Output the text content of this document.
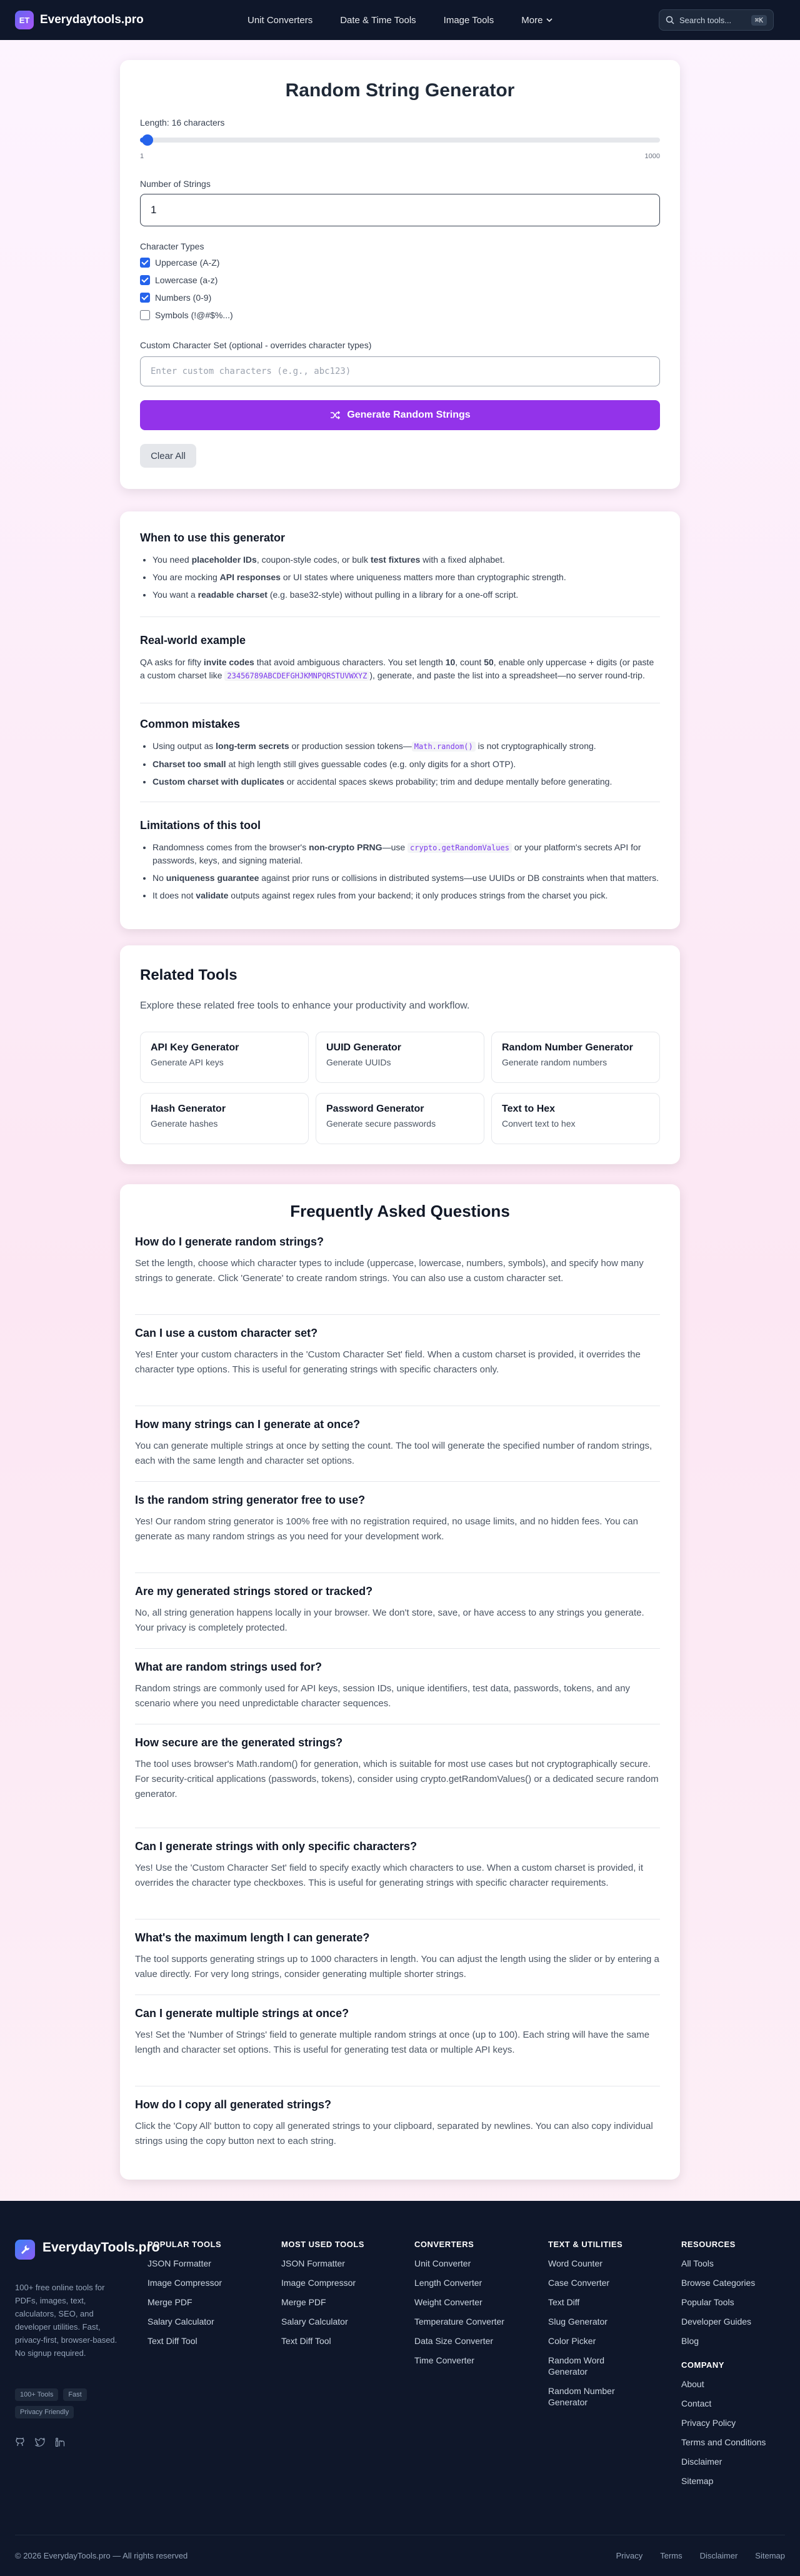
ET Everydaytools.pro	Unit Converters	Date & Time Tools	Image Tools	More	Search tools...	⌘K
Random String Generator
Length: 16 characters
1	1000
Number of Strings
1
Character Types
Uppercase (A-Z)
Lowercase (a-z)
Numbers (0-9)
Symbols (!@#$%...)
Custom Character Set (optional - overrides character types)
Enter custom characters (e.g., abc123)
Generate Random Strings
Clear All
When to use this generator
• You need placeholder IDs, coupon-style codes, or bulk test fixtures with a fixed alphabet.
• You are mocking API responses or UI states where uniqueness matters more than cryptographic strength.
• You want a readable charset (e.g. base32-style) without pulling in a library for a one-off script.
Real-world example

QA asks for fifty invite codes that avoid ambiguous characters. You set length 10, count 50, enable only uppercase + digits (or paste a custom charset like 23456789ABCDEFGHJKMNPQRSTUVWXYZ ), generate, and paste the list into a spreadsheet—no server round-trip.

Common mistakes
• Using output as long-term secrets or production session tokens— Math.random() is not cryptographically strong.
• Charset too small at high length still gives guessable codes (e.g. only digits for a short OTP).
• Custom charset with duplicates or accidental spaces skews probability; trim and dedupe mentally before generating.
Limitations of this tool
• Randomness comes from the browser's non-crypto PRNG—use crypto.getRandomValues or your platform's secrets API for passwords, keys, and signing material.
• No uniqueness guarantee against prior runs or collisions in distributed systems—use UUIDs or DB constraints when that matters.
• It does not validate outputs against regex rules from your backend; it only produces strings from the charset you pick.
Related Tools
Explore these related free tools to enhance your productivity and workflow.
API Key Generator
Generate API keys
UUID Generator
Generate UUIDs
Random Number Generator
Generate random numbers
Hash Generator
Generate hashes
Password Generator
Generate secure passwords
Text to Hex
Convert text to hex
Frequently Asked Questions
How do I generate random strings?
Set the length, choose which character types to include (uppercase, lowercase, numbers, symbols), and specify how many strings to generate. Click 'Generate' to create random strings. You can also use a custom character set.
Can I use a custom character set?
Yes! Enter your custom characters in the 'Custom Character Set' field. When a custom charset is provided, it overrides the character type options. This is useful for generating strings with specific characters only.
How many strings can I generate at once?
You can generate multiple strings at once by setting the count. The tool will generate the specified number of random strings, each with the same length and character set options.
Is the random string generator free to use?
Yes! Our random string generator is 100% free with no registration required, no usage limits, and no hidden fees. You can generate as many random strings as you need for your development work.
Are my generated strings stored or tracked?
No, all string generation happens locally in your browser. We don't store, save, or have access to any strings you generate. Your privacy is completely protected.
What are random strings used for?
Random strings are commonly used for API keys, session IDs, unique identifiers, test data, passwords, tokens, and any scenario where you need unpredictable character sequences.
How secure are the generated strings?
The tool uses browser's Math.random() for generation, which is suitable for most use cases but not cryptographically secure. For security-critical applications (passwords, tokens), consider using crypto.getRandomValues() or a dedicated secure random generator.
Can I generate strings with only specific characters?
Yes! Use the 'Custom Character Set' field to specify exactly which characters to use. When a custom charset is provided, it overrides the character type checkboxes. This is useful for generating strings with specific character requirements.
What's the maximum length I can generate?
The tool supports generating strings up to 1000 characters in length. You can adjust the length using the slider or by entering a value directly. For very long strings, consider generating multiple shorter strings.
Can I generate multiple strings at once?
Yes! Set the 'Number of Strings' field to generate multiple random strings at once (up to 100). Each string will have the same length and character set options. This is useful for generating test data or multiple API keys.
How do I copy all generated strings?
Click the 'Copy All' button to copy all generated strings to your clipboard, separated by newlines. You can also copy individual strings using the copy button next to each string.
EverydayTools.pro
100+ free online tools for PDFs, images, text, calculators, SEO, and developer utilities. Fast, privacy-first, browser-based. No signup required.
100+ Tools	Fast
Privacy Friendly
POPULAR TOOLS
JSON Formatter
Image Compressor
Merge PDF
Salary Calculator
Text Diff Tool
MOST USED TOOLS
JSON Formatter
Image Compressor
Merge PDF
Salary Calculator
Text Diff Tool
CONVERTERS
Unit Converter
Length Converter
Weight Converter
Temperature Converter
Data Size Converter
Time Converter
TEXT & UTILITIES
Word Counter
Case Converter
Text Diff
Slug Generator
Color Picker
Random Word Generator
Random Number Generator
RESOURCES
All Tools
Browse Categories
Popular Tools
Developer Guides
Blog
COMPANY
About
Contact
Privacy Policy
Terms and Conditions
Disclaimer
Sitemap
© 2026 EverydayTools.pro — All rights reserved	Privacy Terms Disclaimer Sitemap
